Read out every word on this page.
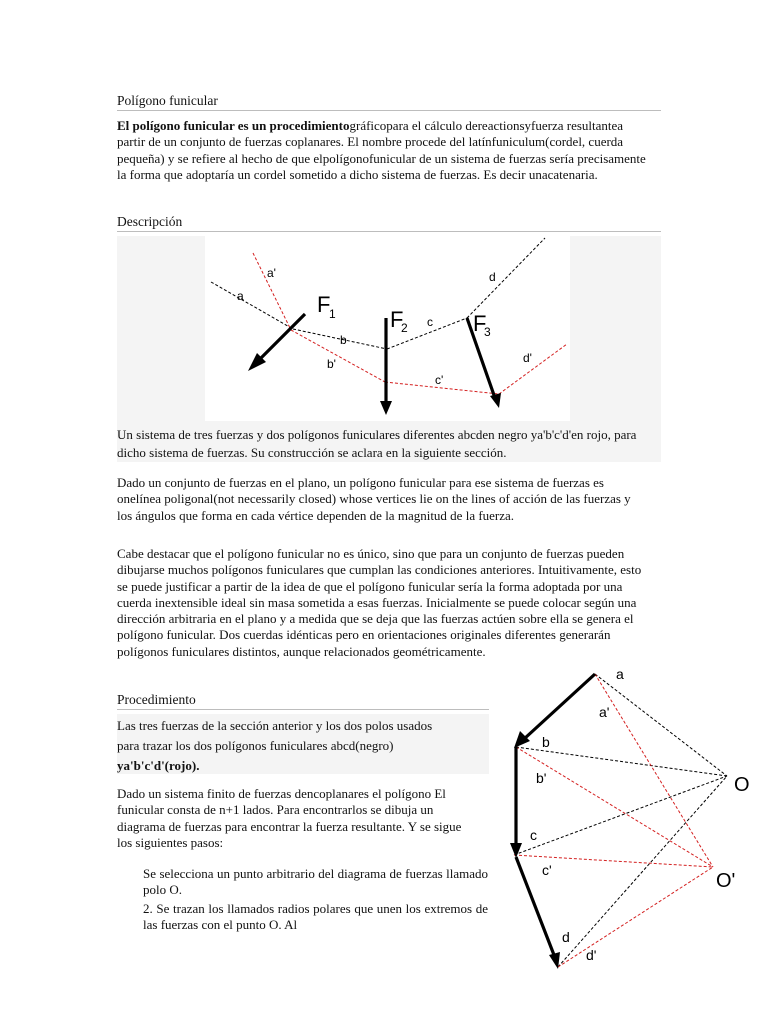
Polígono funicular

El polígono funicular es un procedimientográficopara el cálculo dereactionsyfuerza resultantea partir de un conjunto de fuerzas coplanares. El nombre procede del latínfuniculum(cordel, cuerda pequeña) y se refiere al hecho de que elpolígonofunicular de un sistema de fuerzas sería precisamente la forma que adoptaría un cordel sometido a dicho sistema de fuerzas. Es decir unacatenaria.

Descripción
a'
a
b
b'
c
c'
d
d'
F
1 F
2	F
3

Un sistema de tres fuerzas y dos polígonos funiculares diferentes abcden negro ya'b'c'd'en rojo, para dicho sistema de fuerzas. Su construcción se aclara en la siguiente sección.

Dado un conjunto de fuerzas en el plano, un polígono funicular para ese sistema de fuerzas es onelínea poligonal(not necessarily closed) whose vertices lie on the lines of acción de las fuerzas y los ángulos que forma en cada vértice dependen de la magnitud de la fuerza.

Cabe destacar que el polígono funicular no es único, sino que para un conjunto de fuerzas pueden dibujarse muchos polígonos funiculares que cumplan las condiciones anteriores. Intuitivamente, esto se puede justificar a partir de la idea de que el polígono funicular sería la forma adoptada por una cuerda inextensible ideal sin masa sometida a esas fuerzas. Inicialmente se puede colocar según una dirección arbitraria en el plano y a medida que se deja que las fuerzas actúen sobre ella se genera el polígono funicular. Dos cuerdas idénticas pero en orientaciones originales diferentes generarán polígonos funiculares distintos, aunque relacionados geométricamente.

Procedimiento

Las tres fuerzas de la sección anterior y los dos polos usados para trazar los dos polígonos funiculares abcd(negro)
ya'b'c'd'(rojo).

Dado un sistema finito de fuerzas dencoplanares el polígono El funicular consta de n+1 lados. Para encontrarlos se dibuja un diagrama de fuerzas para encontrar la fuerza resultante. Y se sigue los siguientes pasos:

Se selecciona un punto arbitrario del diagrama de fuerzas llamado polo O.
2. Se trazan los llamados radios polares que unen los extremos de las fuerzas con el punto O. Al
a
a'
b
b'
c
c'
d
d'
O
O'
